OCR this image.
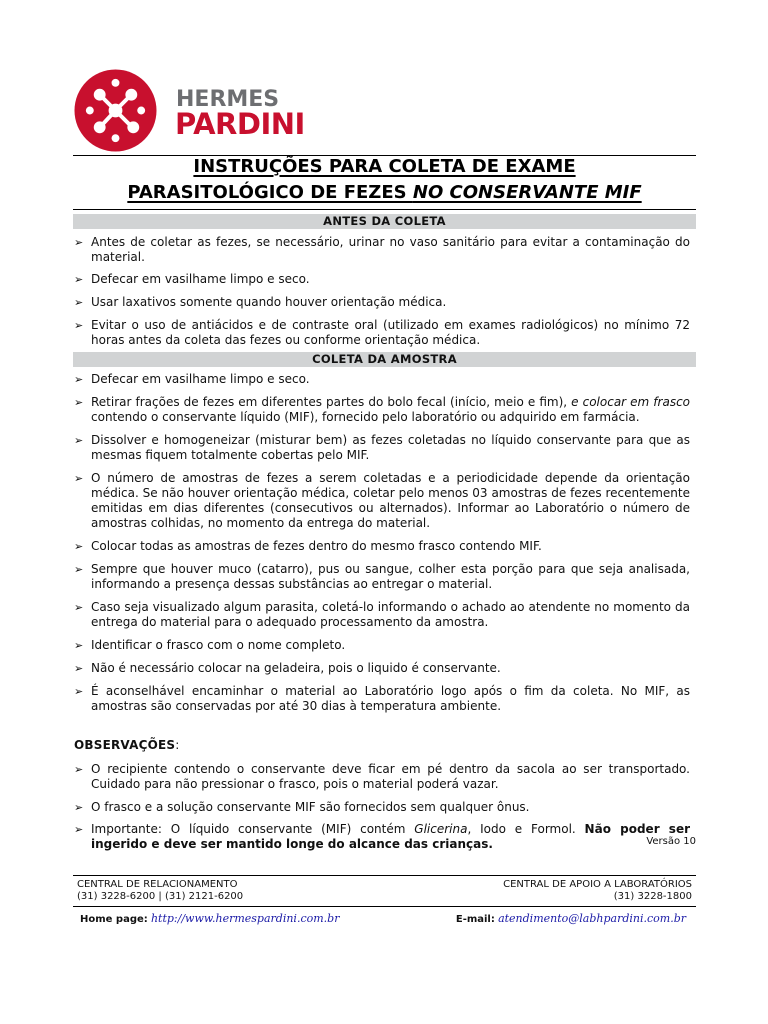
HERMES
PARDINI
INSTRUÇÕES PARA COLETA DE EXAME
PARASITOLÓGICO DE FEZES NO CONSERVANTE MIF
ANTES DA COLETA
➢ Antes de coletar as fezes, se necessário, urinar no vaso sanitário para evitar a contaminação do material.
➢ Defecar em vasilhame limpo e seco.
➢ Usar laxativos somente quando houver orientação médica.
➢ Evitar o uso de antiácidos e de contraste oral (utilizado em exames radiológicos) no mínimo 72 horas antes da coleta das fezes ou conforme orientação médica.
COLETA DA AMOSTRA
➢ Defecar em vasilhame limpo e seco.
➢ Retirar frações de fezes em diferentes partes do bolo fecal (início, meio e fim), e colocar em frasco contendo o conservante líquido (MIF), fornecido pelo laboratório ou adquirido em farmácia.
➢ Dissolver e homogeneizar (misturar bem) as fezes coletadas no líquido conservante para que as mesmas fiquem totalmente cobertas pelo MIF.
➢ O número de amostras de fezes a serem coletadas e a periodicidade depende da orientação médica. Se não houver orientação médica, coletar pelo menos 03 amostras de fezes recentemente emitidas em dias diferentes (consecutivos ou alternados). Informar ao Laboratório o número de amostras colhidas, no momento da entrega do material.
➢ Colocar todas as amostras de fezes dentro do mesmo frasco contendo MIF.
➢ Sempre que houver muco (catarro), pus ou sangue, colher esta porção para que seja analisada, informando a presença dessas substâncias ao entregar o material.
➢ Caso seja visualizado algum parasita, coletá-lo informando o achado ao atendente no momento da entrega do material para o adequado processamento da amostra.
➢ Identificar o frasco com o nome completo.
➢ Não é necessário colocar na geladeira, pois o liquido é conservante.
➢ É aconselhável encaminhar o material ao Laboratório logo após o fim da coleta. No MIF, as amostras são conservadas por até 30 dias à temperatura ambiente.
OBSERVAÇÕES:
➢ O recipiente contendo o conservante deve ficar em pé dentro da sacola ao ser transportado. Cuidado para não pressionar o frasco, pois o material poderá vazar.
➢ O frasco e a solução conservante MIF são fornecidos sem qualquer ônus.
➢ Importante: O líquido conservante (MIF) contém Glicerina, Iodo e Formol. Não poder ser ingerido e deve ser mantido longe do alcance das crianças.	Versão 10
CENTRAL DE RELACIONAMENTO
(31) 3228-6200 | (31) 2121-6200
CENTRAL DE APOIO A LABORATÓRIOS
(31) 3228-1800
Home page: http://www.hermespardini.com.br	E-mail: atendimento@labhpardini.com.br
